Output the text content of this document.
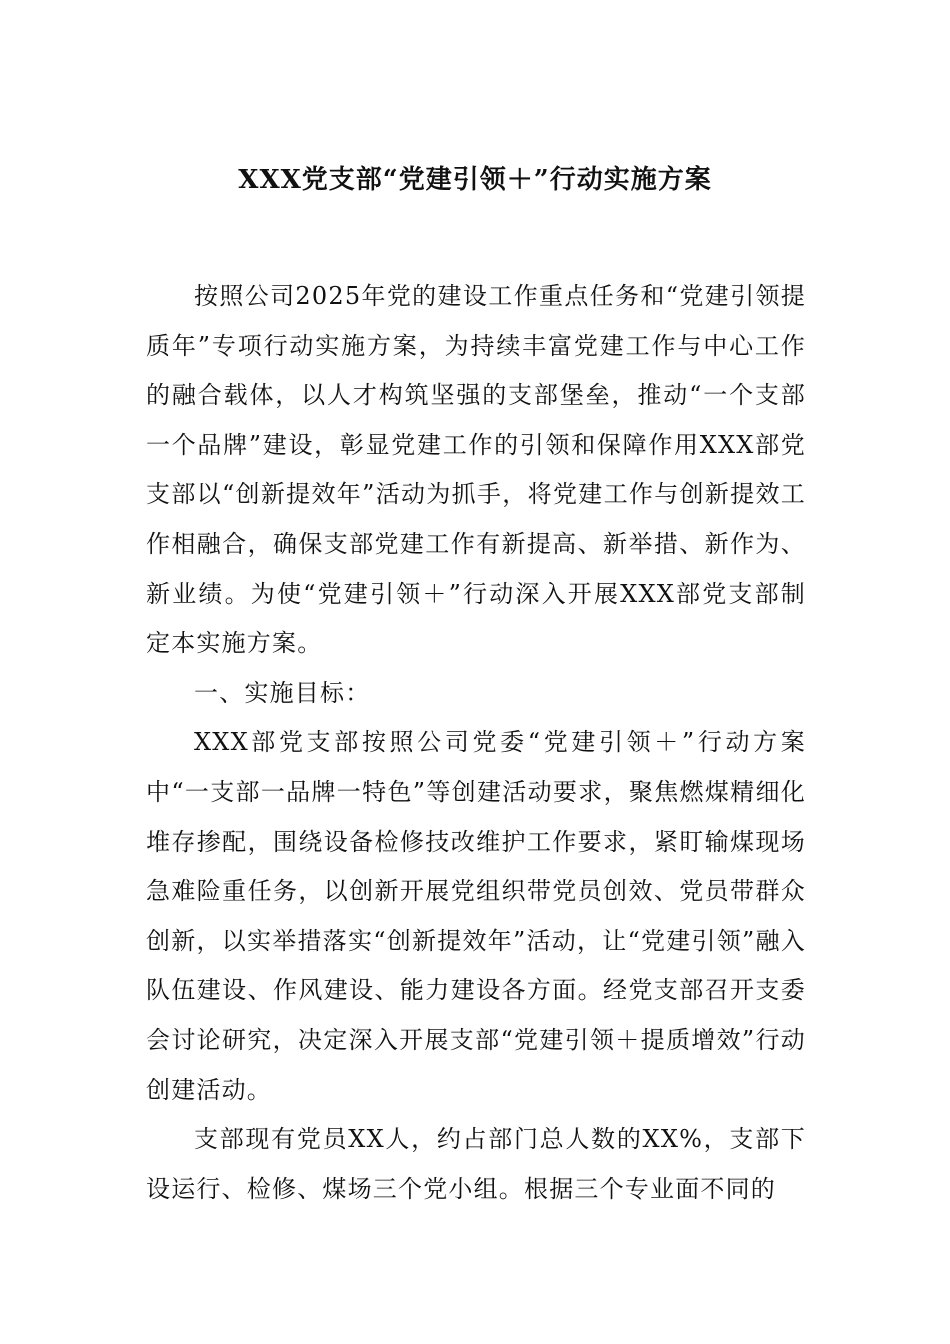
XXX党支部“党建引领＋”行动实施方案

按照公司2025年党的建设工作重点任务和“党建引领提质年”专项行动实施方案，为持续丰富党建工作与中心工作的融合载体，以人才构筑坚强的支部堡垒，推动“一个支部一个品牌”建设，彰显党建工作的引领和保障作用XXX部党支部以“创新提效年”活动为抓手，将党建工作与创新提效工作相融合，确保支部党建工作有新提高、新举措、新作为、新业绩。为使“党建引领＋”行动深入开展XXX部党支部制定本实施方案。

一、实施目标：

XXX部党支部按照公司党委“党建引领＋”行动方案中“一支部一品牌一特色”等创建活动要求，聚焦燃煤精细化堆存掺配，围绕设备检修技改维护工作要求，紧盯输煤现场急难险重任务，以创新开展党组织带党员创效、党员带群众创新，以实举措落实“创新提效年”活动，让“党建引领”融入队伍建设、作风建设、能力建设各方面。经党支部召开支委会讨论研究，决定深入开展支部“党建引领＋提质增效”行动创建活动。

支部现有党员XX人，约占部门总人数的XX%，支部下设运行、检修、煤场三个党小组。根据三个专业面不同的
